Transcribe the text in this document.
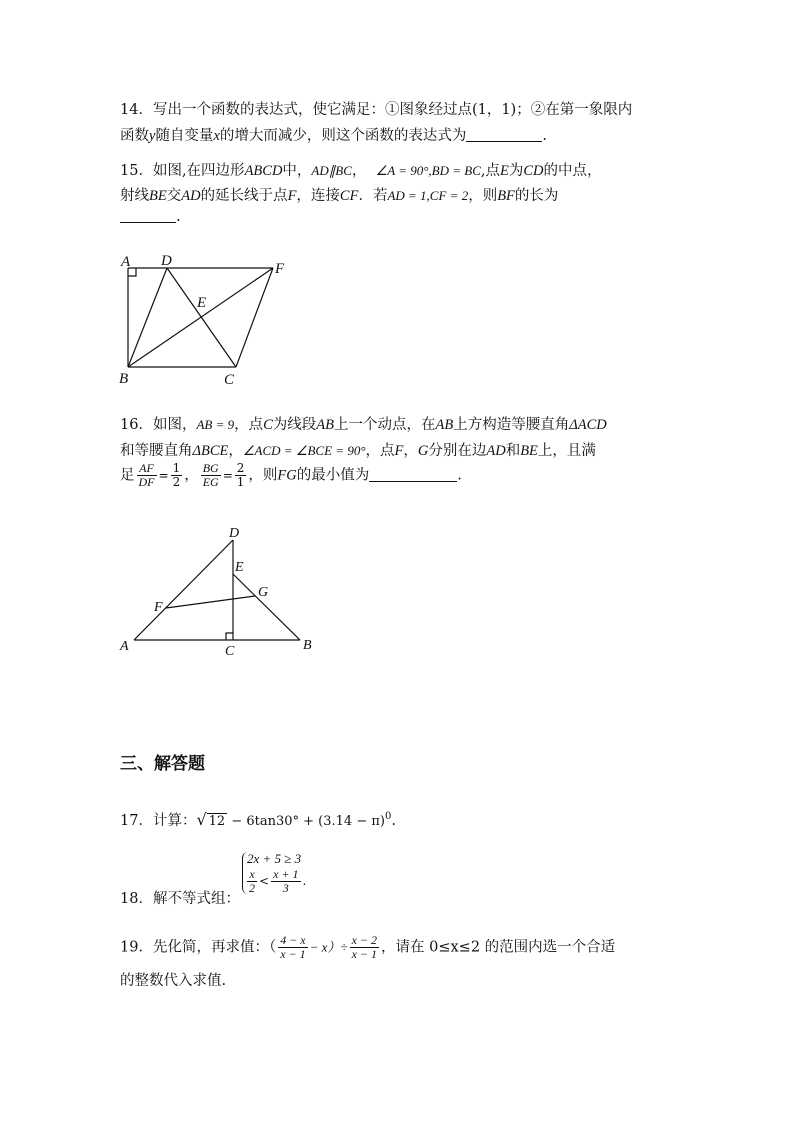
14．写出一个函数的表达式，使它满足：①图象经过点(1，1)；②在第一象限内
函数y随自变量x的增大而减少，则这个函数的表达式为	.
15．如图,在四边形ABCD中，AD∥BC， ∠A = 90°,BD = BC,点E为CD的中点，
射线BE交AD的延长线于点F，连接CF．若AD = 1,CF = 2，则BF的长为
.
A D	F
E
B	C
16．如图，AB = 9，点C为线段AB上一个动点，在AB上方构造等腰直角ΔACD
和等腰直角ΔBCE，∠ACD = ∠BCE = 90°，点F，G分别在边AD和BE上，且满
足 $\frac{AF}{DF} = \frac{1}{2}$ ， $\frac{BG}{EG} = \frac{2}{1}$ ，则FG的最小值为	.
D
E
G
F
A	C	B
三、解答题
17．计算：√ $12 - 6\tan 30^\circ + (3.14 - \pi)^0$.
2x + 5 ≥ 3
$\frac{x}{2} < \frac{x + 1}{3}$ .
18．解不等式组：
19．先化简，再求值：（ $\frac{4 - x}{x - 1} - x)\div \frac{x - 2}{x - 1}$ ，请在 0≤x≤2 的范围内选一个合适
的整数代入求值.
